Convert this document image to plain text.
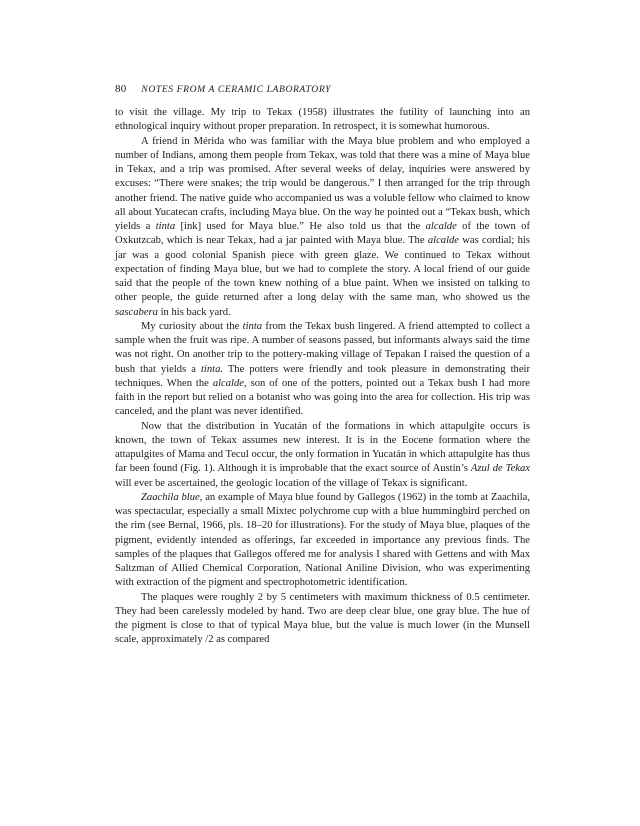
80 NOTES FROM A CERAMIC LABORATORY

to visit the village. My trip to Tekax (1958) illustrates the futility of launching into an ethnological inquiry without proper preparation. In retrospect, it is somewhat humorous.

A friend in Mérida who was familiar with the Maya blue problem and who employed a number of Indians, among them people from Tekax, was told that there was a mine of Maya blue in Tekax, and a trip was promised. After several weeks of delay, inquiries were answered by excuses: “There were snakes; the trip would be dangerous.” I then arranged for the trip through another friend. The native guide who accompanied us was a voluble fellow who claimed to know all about Yucatecan crafts, including Maya blue. On the way he pointed out a “Tekax bush, which yields a tinta [ink] used for Maya blue.” He also told us that the alcalde of the town of Oxkutzcab, which is near Tekax, had a jar painted with Maya blue. The alcalde was cordial; his jar was a good colonial Spanish piece with green glaze. We continued to Tekax without expectation of finding Maya blue, but we had to complete the story. A local friend of our guide said that the people of the town knew nothing of a blue paint. When we insisted on talking to other people, the guide returned after a long delay with the same man, who showed us the sascabera in his back yard.

My curiosity about the tinta from the Tekax bush lingered. A friend attempted to collect a sample when the fruit was ripe. A number of seasons passed, but informants always said the time was not right. On another trip to the pottery-making village of Tepakan I raised the question of a bush that yields a tinta. The potters were friendly and took pleasure in demonstrating their techniques. When the alcalde, son of one of the potters, pointed out a Tekax bush I had more faith in the report but relied on a botanist who was going into the area for collection. His trip was canceled, and the plant was never identified.

Now that the distribution in Yucatán of the formations in which attapulgite occurs is known, the town of Tekax assumes new interest. It is in the Eocene formation where the attapulgites of Mama and Tecul occur, the only formation in Yucatán in which attapulgite has thus far been found (Fig. 1). Although it is improbable that the exact source of Austin’s Azul de Tekax will ever be ascertained, the geologic location of the village of Tekax is significant.

Zaachila blue, an example of Maya blue found by Gallegos (1962) in the tomb at Zaachila, was spectacular, especially a small Mixtec polychrome cup with a blue hummingbird perched on the rim (see Bernal, 1966, pls. 18–20 for illustrations). For the study of Maya blue, plaques of the pigment, evidently intended as offerings, far exceeded in importance any previous finds. The samples of the plaques that Gallegos offered me for analysis I shared with Gettens and with Max Saltzman of Allied Chemical Corporation, National Aniline Division, who was experimenting with extraction of the pigment and spectrophotometric identification.

The plaques were roughly 2 by 5 centimeters with maximum thickness of 0.5 centimeter. They had been carelessly modeled by hand. Two are deep clear blue, one gray blue. The hue of the pigment is close to that of typical Maya blue, but the value is much lower (in the Munsell scale, approximately /2 as compared
